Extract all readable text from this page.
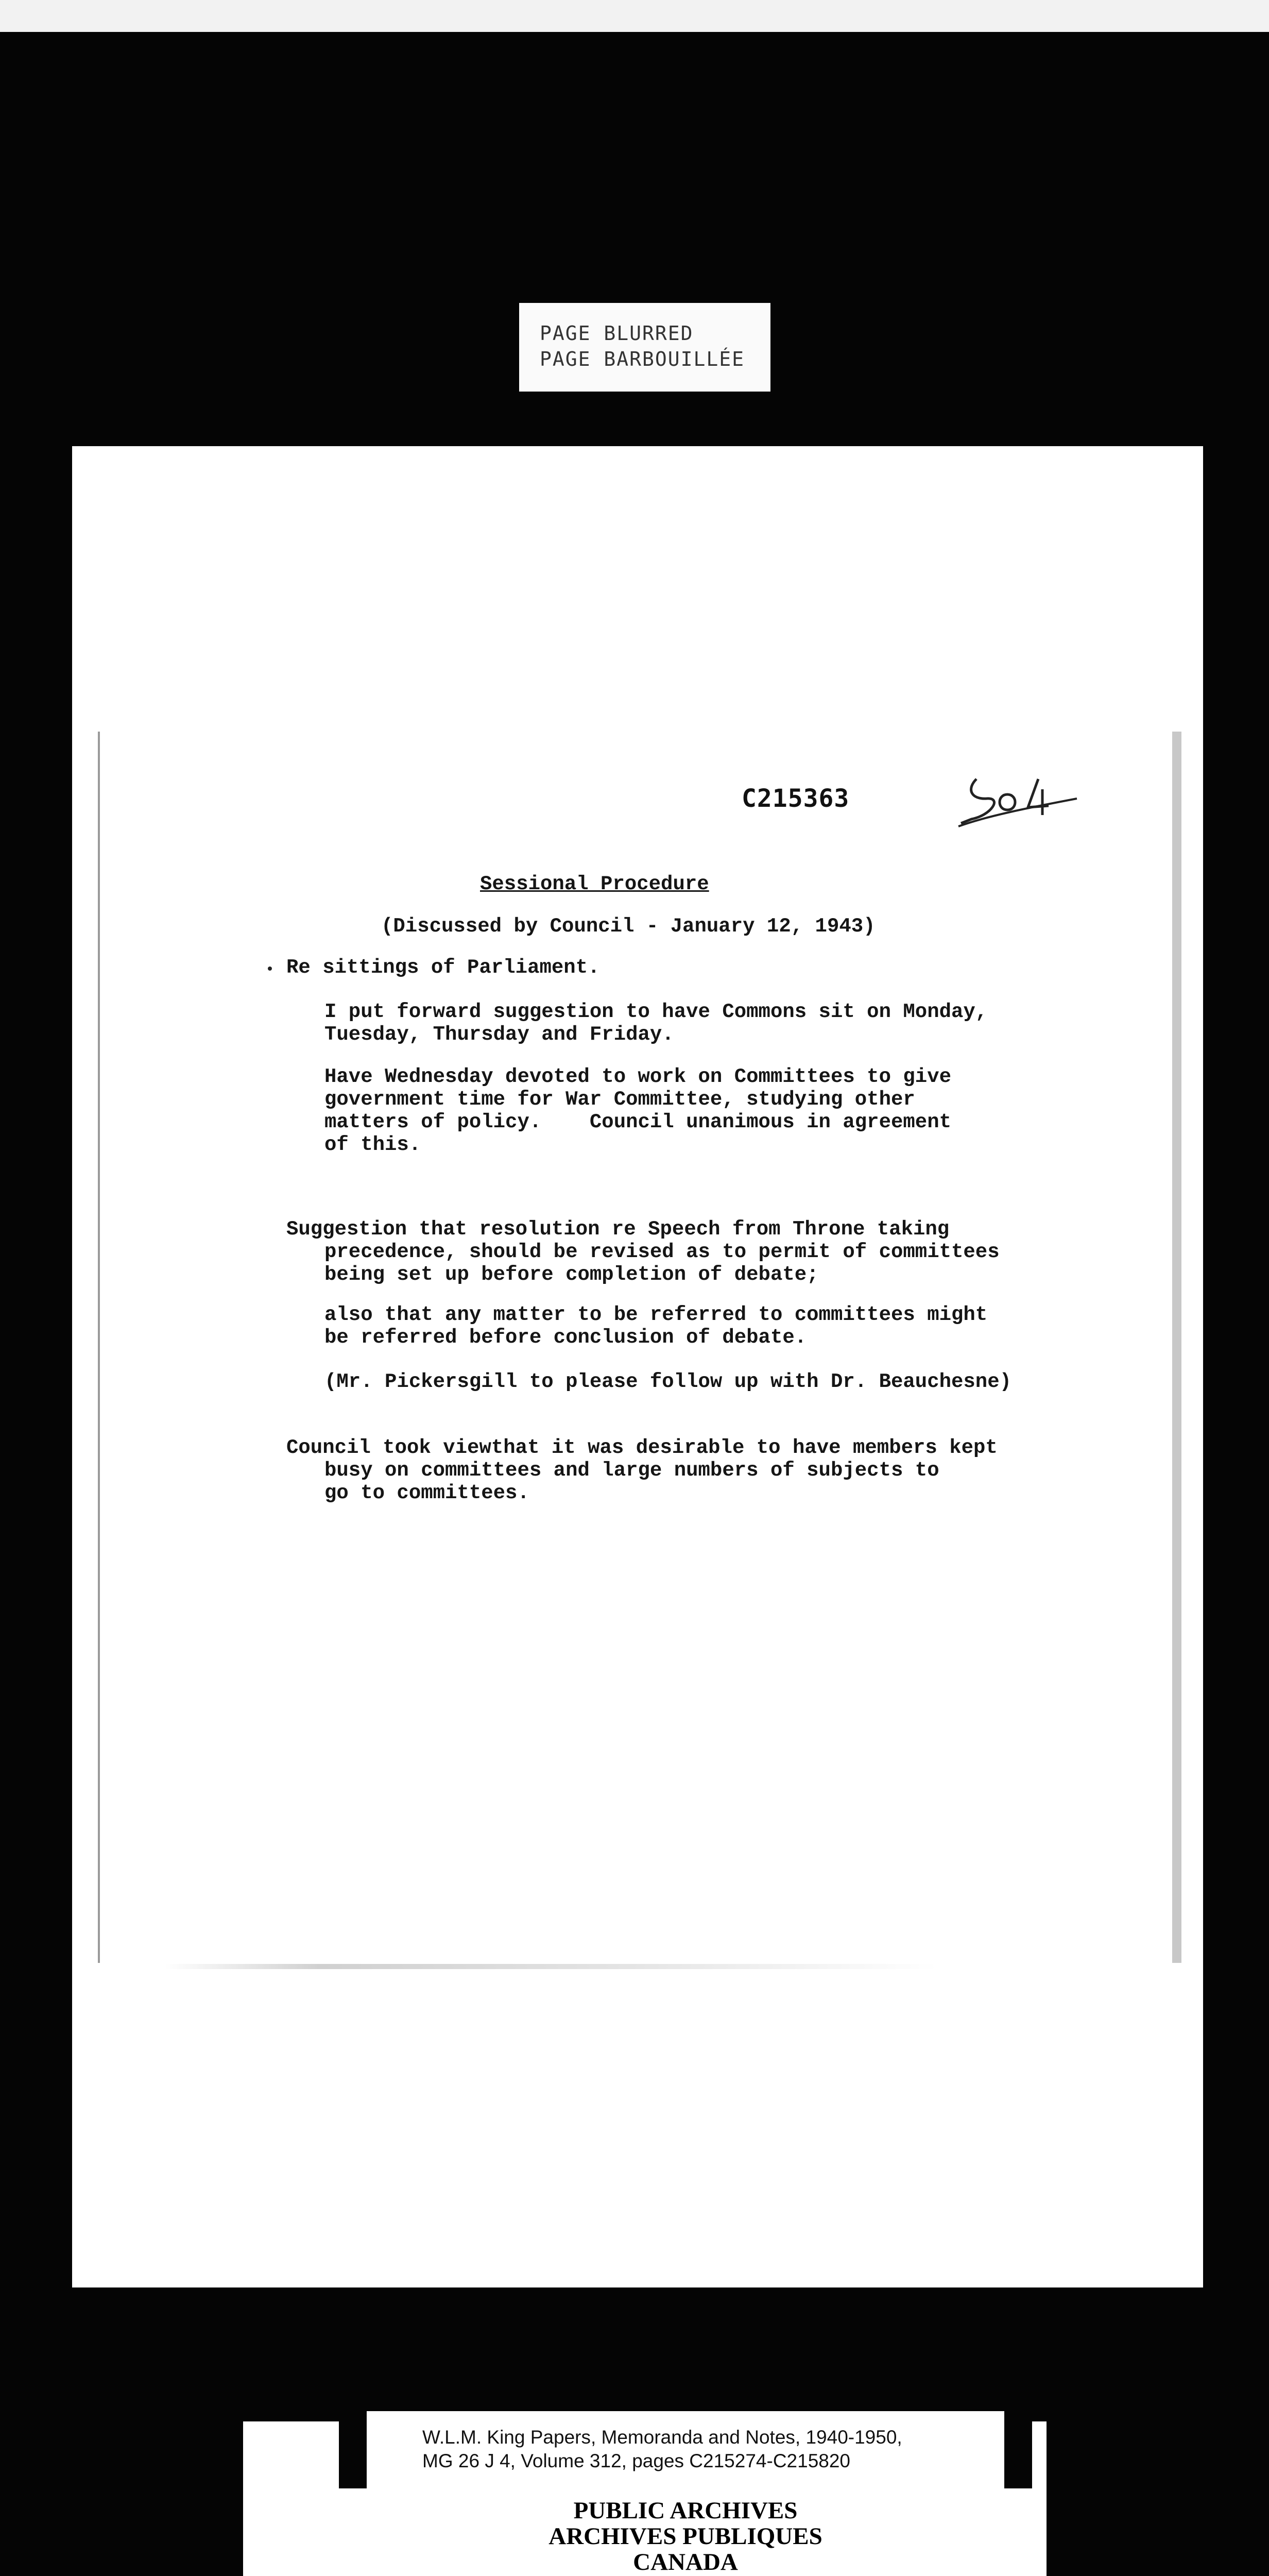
PAGE BLURRED
PAGE BARBOUILLÉE
C215363
Sessional Procedure
(Discussed by Council - January 12, 1943)
Re sittings of Parliament.
I put forward suggestion to have Commons sit on Monday,
Tuesday, Thursday and Friday.
Have Wednesday devoted to work on Committees to give
government time for War Committee, studying other
matters of policy.    Council unanimous in agreement
of this.
Suggestion that resolution re Speech from Throne taking
precedence, should be revised as to permit of committees
being set up before completion of debate;
also that any matter to be referred to committees might
be referred before conclusion of debate.
(Mr. Pickersgill to please follow up with Dr. Beauchesne)
Council took viewthat it was desirable to have members kept
busy on committees and large numbers of subjects to
go to committees.
W.L.M. King Papers, Memoranda and Notes, 1940-1950,
MG 26 J 4, Volume 312, pages C215274-C215820
PUBLIC ARCHIVES
ARCHIVES PUBLIQUES
CANADA
